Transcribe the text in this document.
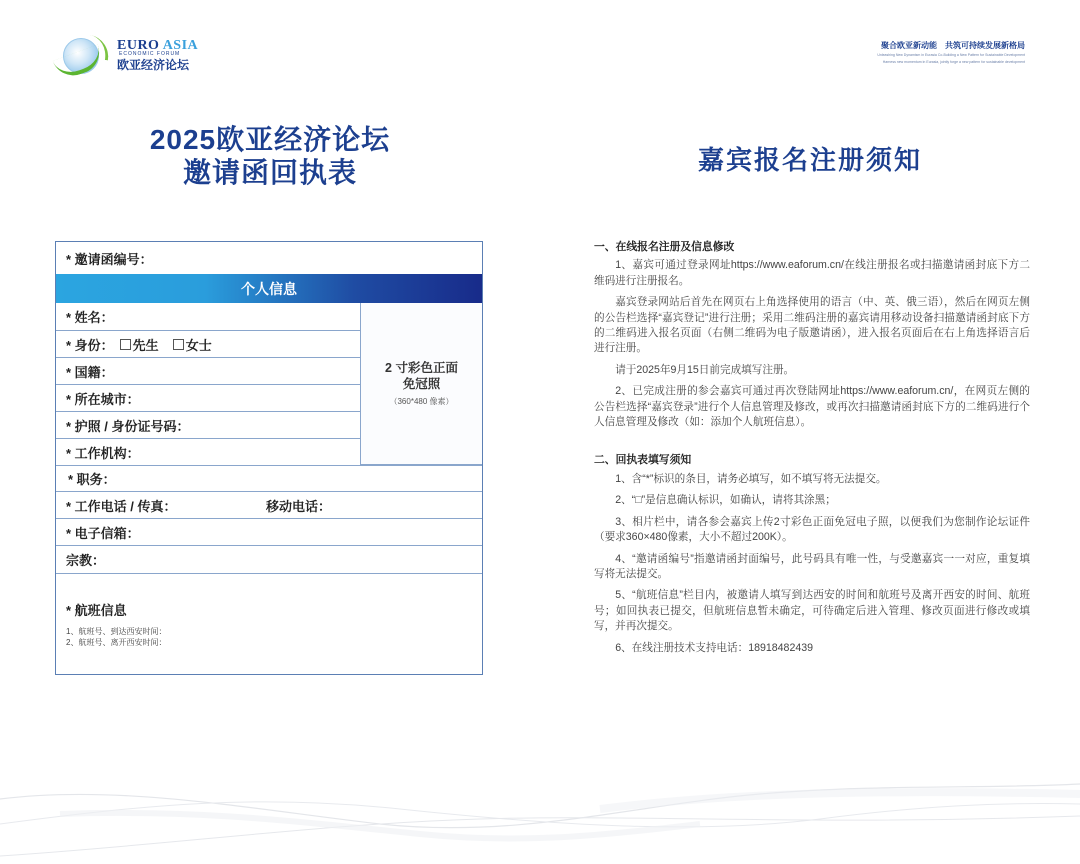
EURO ASIA
ECONOMIC FORUM
欧亚经济论坛
聚合欧亚新动能　共筑可持续发展新格局
Unleashing New Dynamism in Eurasia Co-Building a New Pattern for Sustainable Development
Harness new momentum in Eurasia, jointly forge a new pattern for sustainable development
2025欧亚经济论坛
邀请函回执表	嘉宾报名注册须知
* 邀请函编号：
个人信息
* 姓名：
* 身份： 先生 女士
* 国籍：
* 所在城市：
* 护照 / 身份证号码：
* 工作机构：
2 寸彩色正面
免冠照
（360*480 像素）
* 职务：
* 工作电话 / 传真：	移动电话：
* 电子信箱：
宗教：
* 航班信息
1、航班号、到达西安时间：
2、航班号、离开西安时间：
一、在线报名注册及信息修改

1、嘉宾可通过登录网址https://www.eaforum.cn/在线注册报名或扫描邀请函封底下方二维码进行注册报名。

嘉宾登录网站后首先在网页右上角选择使用的语言（中、英、俄三语），然后在网页左侧的公告栏选择“嘉宾登记”进行注册；采用二维码注册的嘉宾请用移动设备扫描邀请函封底下方的二维码进入报名页面（右侧二维码为电子版邀请函），进入报名页面后在右上角选择语言后进行注册。

请于2025年9月15日前完成填写注册。

2、已完成注册的参会嘉宾可通过再次登陆网址https://www.eaforum.cn/，在网页左侧的公告栏选择“嘉宾登录”进行个人信息管理及修改，或再次扫描邀请函封底下方的二维码进行个人信息管理及修改（如：添加个人航班信息）。

二、回执表填写须知

1、含“*”标识的条目，请务必填写，如不填写将无法提交。

2、“□”是信息确认标识，如确认，请将其涂黑；

3、相片栏中，请各参会嘉宾上传2寸彩色正面免冠电子照，以便我们为您制作论坛证件（要求360×480像素，大小不超过200K）。

4、“邀请函编号”指邀请函封面编号，此号码具有唯一性，与受邀嘉宾一一对应，重复填写将无法提交。

5、“航班信息”栏目内，被邀请人填写到达西安的时间和航班号及离开西安的时间、航班号；如回执表已提交，但航班信息暂未确定，可待确定后进入管理、修改页面进行修改或填写，并再次提交。

6、在线注册技术支持电话：18918482439
